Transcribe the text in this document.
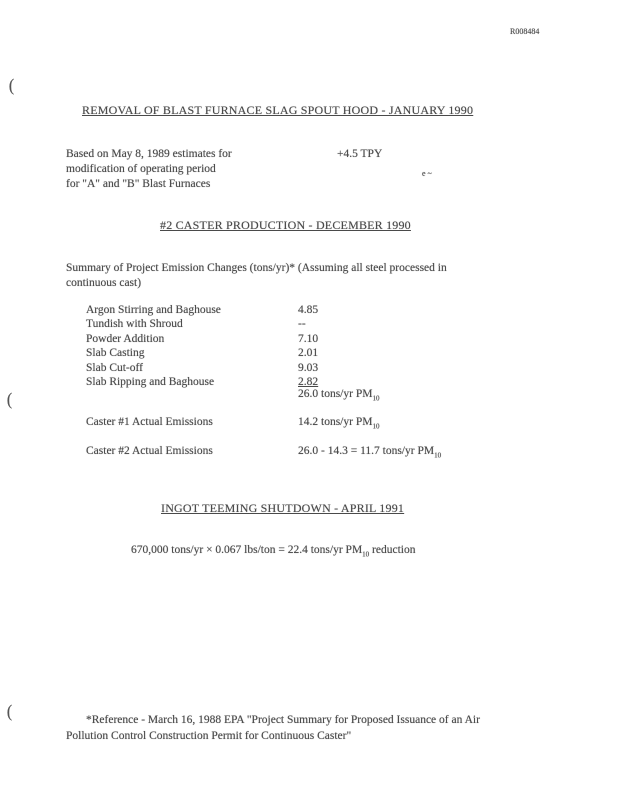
R008484
(
(
(
REMOVAL OF BLAST FURNACE SLAG SPOUT HOOD - JANUARY 1990
Based on May 8, 1989 estimates for	+4.5 TPY
modification of operating period
for "A" and "B" Blast Furnaces
e ~
#2 CASTER PRODUCTION - DECEMBER 1990
Summary of Project Emission Changes (tons/yr)* (Assuming all steel processed in
continuous cast)
Argon Stirring and Baghouse	4.85
Tundish with Shroud	--
Powder Addition	7.10
Slab Casting	2.01
Slab Cut-off	9.03
Slab Ripping and Baghouse	2.82
26.0 tons/yr $PM_{10}$
Caster #1 Actual Emissions	14.2 tons/yr $PM_{10}$
Caster #2 Actual Emissions	26.0 - 14.3 = 11.7 tons/yr $PM_{10}$
INGOT TEEMING SHUTDOWN - APRIL 1991
670,000 tons/yr × 0.067 lbs/ton = 22.4 tons/yr $PM_{10}$ reduction
*Reference - March 16, 1988 EPA "Project Summary for Proposed Issuance of an Air
Pollution Control Construction Permit for Continuous Caster"
